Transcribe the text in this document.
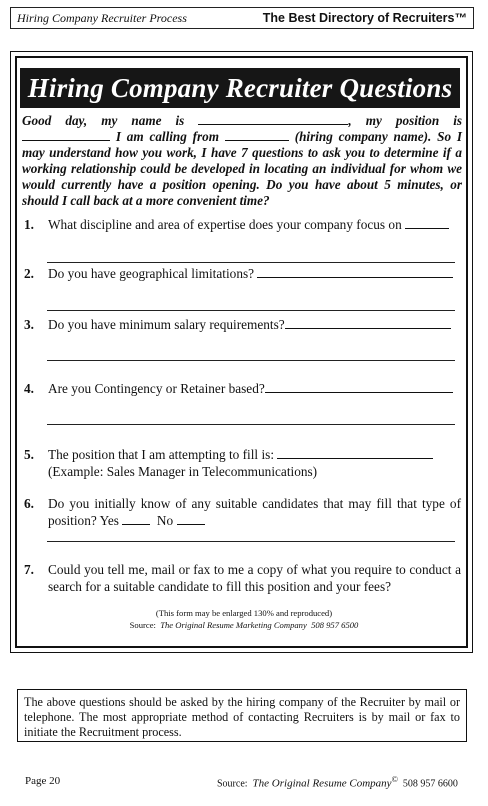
Hiring Company Recruiter Process	The Best Directory of Recruiters™
Hiring Company Recruiter Questions

Good day, my name is	, my position is  I am calling from	(hiring company name). So I may understand how you work, I have 7 questions to ask you to determine if a working relationship could be developed in locating an individual for whom we would currently have a position opening. Do you have about 5 minutes, or should I call back at a more convenient time?

1. What discipline and area of expertise does your company focus on
2. Do you have geographical limitations?
3. Do you have minimum salary requirements?
4. Are you Contingency or Retainer based?
5. The position that I am attempting to fill is:
(Example: Sales Manager in Telecommunications)
6. Do you initially know of any suitable candidates that may fill that type of position? Yes	No
7. Could you tell me, mail or fax to me a copy of what you require to conduct a search for a suitable candidate to fill this position and your fees?
(This form may be enlarged 130% and reproduced)
Source: The Original Resume Marketing Company 508 957 6500
The above questions should be asked by the hiring company of the Recruiter by mail or telephone. The most appropriate method of contacting Recruiters is by mail or fax to initiate the Recruitment process.
Page 20	Source: The Original Resume Company© 508 957 6600
